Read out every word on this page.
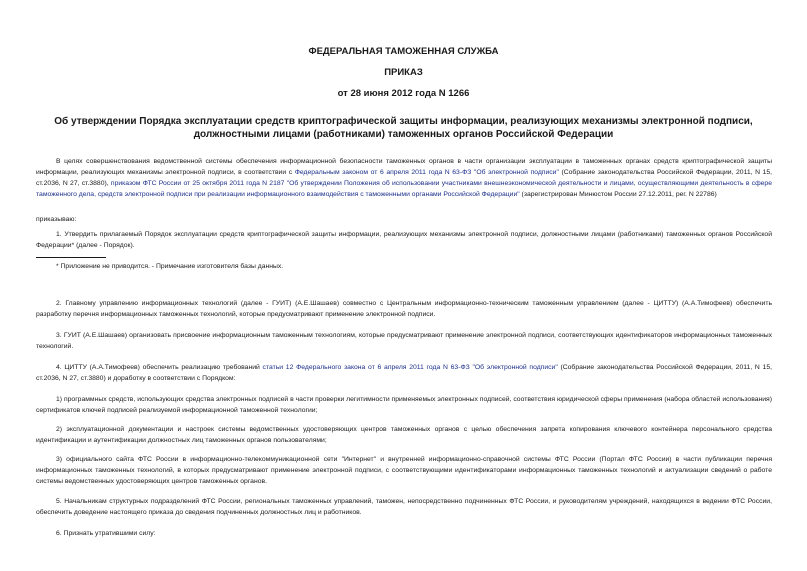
ФЕДЕРАЛЬНАЯ ТАМОЖЕННАЯ СЛУЖБА
ПРИКАЗ
от 28 июня 2012 года N 1266
Об утверждении Порядка эксплуатации средств криптографической защиты информации, реализующих механизмы электронной подписи, должностными лицами (работниками) таможенных органов Российской Федерации
В целях совершенствования ведомственной системы обеспечения информационной безопасности таможенных органов в части организации эксплуатации в таможенных органах средств криптографической защиты информации, реализующих механизмы электронной подписи, в соответствии с Федеральным законом от 6 апреля 2011 года N 63-ФЗ "Об электронной подписи" (Собрание законодательства Российской Федерации, 2011, N 15, ст.2036, N 27, ст.3880), приказом ФТС России от 25 октября 2011 года N 2187 "Об утверждении Положения об использовании участниками внешнеэкономической деятельности и лицами, осуществляющими деятельность в сфере таможенного дела, средств электронной подписи при реализации информационного взаимодействия с таможенными органами Российской Федерации" (зарегистрирован Минюстом России 27.12.2011, рег. N 22786)
приказываю:
1. Утвердить прилагаемый Порядок эксплуатации средств криптографической защиты информации, реализующих механизмы электронной подписи, должностными лицами (работниками) таможенных органов Российской Федерации* (далее - Порядок).
* Приложение не приводится. - Примечание изготовителя базы данных.
2. Главному управлению информационных технологий (далее - ГУИТ) (А.Е.Шашаев) совместно с Центральным информационно-техническим таможенным управлением (далее - ЦИТТУ) (А.А.Тимофеев) обеспечить разработку перечня информационных таможенных технологий, которые предусматривают применение электронной подписи.
3. ГУИТ (А.Е.Шашаев) организовать присвоение информационным таможенным технологиям, которые предусматривают применение электронной подписи, соответствующих идентификаторов информационных таможенных технологий.
4. ЦИТТУ (А.А.Тимофеев) обеспечить реализацию требований статьи 12 Федерального закона от 6 апреля 2011 года N 63-ФЗ "Об электронной подписи" (Собрание законодательства Российской Федерации, 2011, N 15, ст.2036, N 27, ст.3880) и доработку в соответствии с Порядком:
1) программных средств, использующих средства электронных подписей в части проверки легитимности применяемых электронных подписей, соответствия юридической сферы применения (набора областей использования) сертификатов ключей подписей реализуемой информационной таможенной технологии;
2) эксплуатационной документации и настроек системы ведомственных удостоверяющих центров таможенных органов с целью обеспечения запрета копирования ключевого контейнера персонального средства идентификации и аутентификации должностных лиц таможенных органов пользователями;
3) официального сайта ФТС России в информационно-телекоммуникационной сети "Интернет" и внутренней информационно-справочной системы ФТС России (Портал ФТС России) в части публикации перечня информационных таможенных технологий, в которых предусматривают применение электронной подписи, с соответствующими идентификаторами информационных таможенных технологий и актуализации сведений о работе системы ведомственных удостоверяющих центров таможенных органов.
5. Начальникам структурных подразделений ФТС России, региональных таможенных управлений, таможен, непосредственно подчиненных ФТС России, и руководителям учреждений, находящихся в ведении ФТС России, обеспечить доведение настоящего приказа до сведения подчиненных должностных лиц и работников.
6. Признать утратившими силу:
